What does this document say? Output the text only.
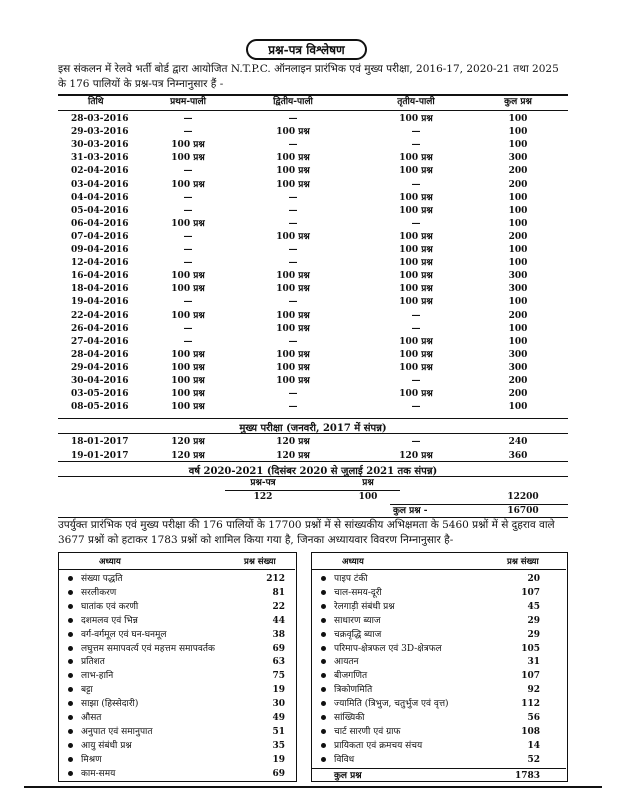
प्रश्न-पत्र विश्लेषण
इस संकलन में रेलवे भर्ती बोर्ड द्वारा आयोजित N.T.P.C. ऑनलाइन प्रारंभिक एवं मुख्य परीक्षा, 2016-17, 2020-21 तथा 2025 के 176 पालियों के प्रश्न-पत्र निम्नानुसार हैं -
उपर्युक्त प्रारंभिक एवं मुख्य परीक्षा की 176 पालियों के 17700 प्रश्नों में से सांख्यकीय अभिक्षमता के 5460 प्रश्नों में से दुहराव वाले 3677 प्रश्नों को हटाकर 1783 प्रश्नों को शामिल किया गया है, जिनका अध्यायवार विवरण निम्नानुसार है-
अध्याय	प्रश्न संख्या
संख्या पद्धति	212
सरलीकरण	81
घातांक एवं करणी	22
दशमलव एवं भिन्न	44
वर्ग-वर्गमूल एवं घन-घनमूल	38
लघुत्तम समापवर्त्य एवं महत्तम समापवर्तक	69
प्रतिशत	63
लाभ-हानि	75
बट्टा	19
साझा (हिस्सेदारी)	30
औसत	49
अनुपात एवं समानुपात	51
आयु संबंधी प्रश्न	35
मिश्रण	19
काम-समय	69
अध्याय	प्रश्न संख्या
पाइप टंकी	20
चाल-समय-दूरी	107
रेलगाड़ी संबंधी प्रश्न	45
साधारण ब्याज	29
चक्रवृद्धि ब्याज	29
परिमाप-क्षेत्रफल एवं 3D-क्षेत्रफल	105
आयतन	31
बीजगणित	107
त्रिकोणमिति	92
ज्यामिति (त्रिभुज, चतुर्भुज एवं वृत्त)	112
सांख्यिकी	56
चार्ट सारणी एवं ग्राफ	108
प्रायिकता एवं क्रमचय संचय	14
विविध	52
कुल प्रश्न	1783
तिथि	प्रथम-पाली	द्वितीय-पाली	तृतीय-पाली	कुल प्रश्न
28-03-2016	—	—	100 प्रश्न	100
29-03-2016	—	100 प्रश्न	—	100
30-03-2016	100 प्रश्न	—	—	100
31-03-2016	100 प्रश्न	100 प्रश्न	100 प्रश्न	300
02-04-2016	—	100 प्रश्न	100 प्रश्न	200
03-04-2016	100 प्रश्न	100 प्रश्न	—	200
04-04-2016	—	—	100 प्रश्न	100
05-04-2016	—	—	100 प्रश्न	100
06-04-2016	100 प्रश्न	—	—	100
07-04-2016	—	100 प्रश्न	100 प्रश्न	200
09-04-2016	—	—	100 प्रश्न	100
12-04-2016	—	—	100 प्रश्न	100
16-04-2016	100 प्रश्न	100 प्रश्न	100 प्रश्न	300
18-04-2016	100 प्रश्न	100 प्रश्न	100 प्रश्न	300
19-04-2016	—	—	100 प्रश्न	100
22-04-2016	100 प्रश्न	100 प्रश्न	—	200
26-04-2016	—	100 प्रश्न	—	100
27-04-2016	—	—	100 प्रश्न	100
28-04-2016	100 प्रश्न	100 प्रश्न	100 प्रश्न	300
29-04-2016	100 प्रश्न	100 प्रश्न	100 प्रश्न	300
30-04-2016	100 प्रश्न	100 प्रश्न	—	200
03-05-2016	100 प्रश्न	—	100 प्रश्न	200
08-05-2016	100 प्रश्न	—	—	100
मुख्य परीक्षा (जनवरी, 2017 में संपन्न)
18-01-2017	120 प्रश्न	120 प्रश्न	—	240
19-01-2017	120 प्रश्न	120 प्रश्न	120 प्रश्न	360
वर्ष 2020-2021 (दिसंबर 2020 से जुलाई 2021 तक संपन्न)
प्रश्न-पत्र	प्रश्न
122	100	12200
कुल प्रश्न -	16700
